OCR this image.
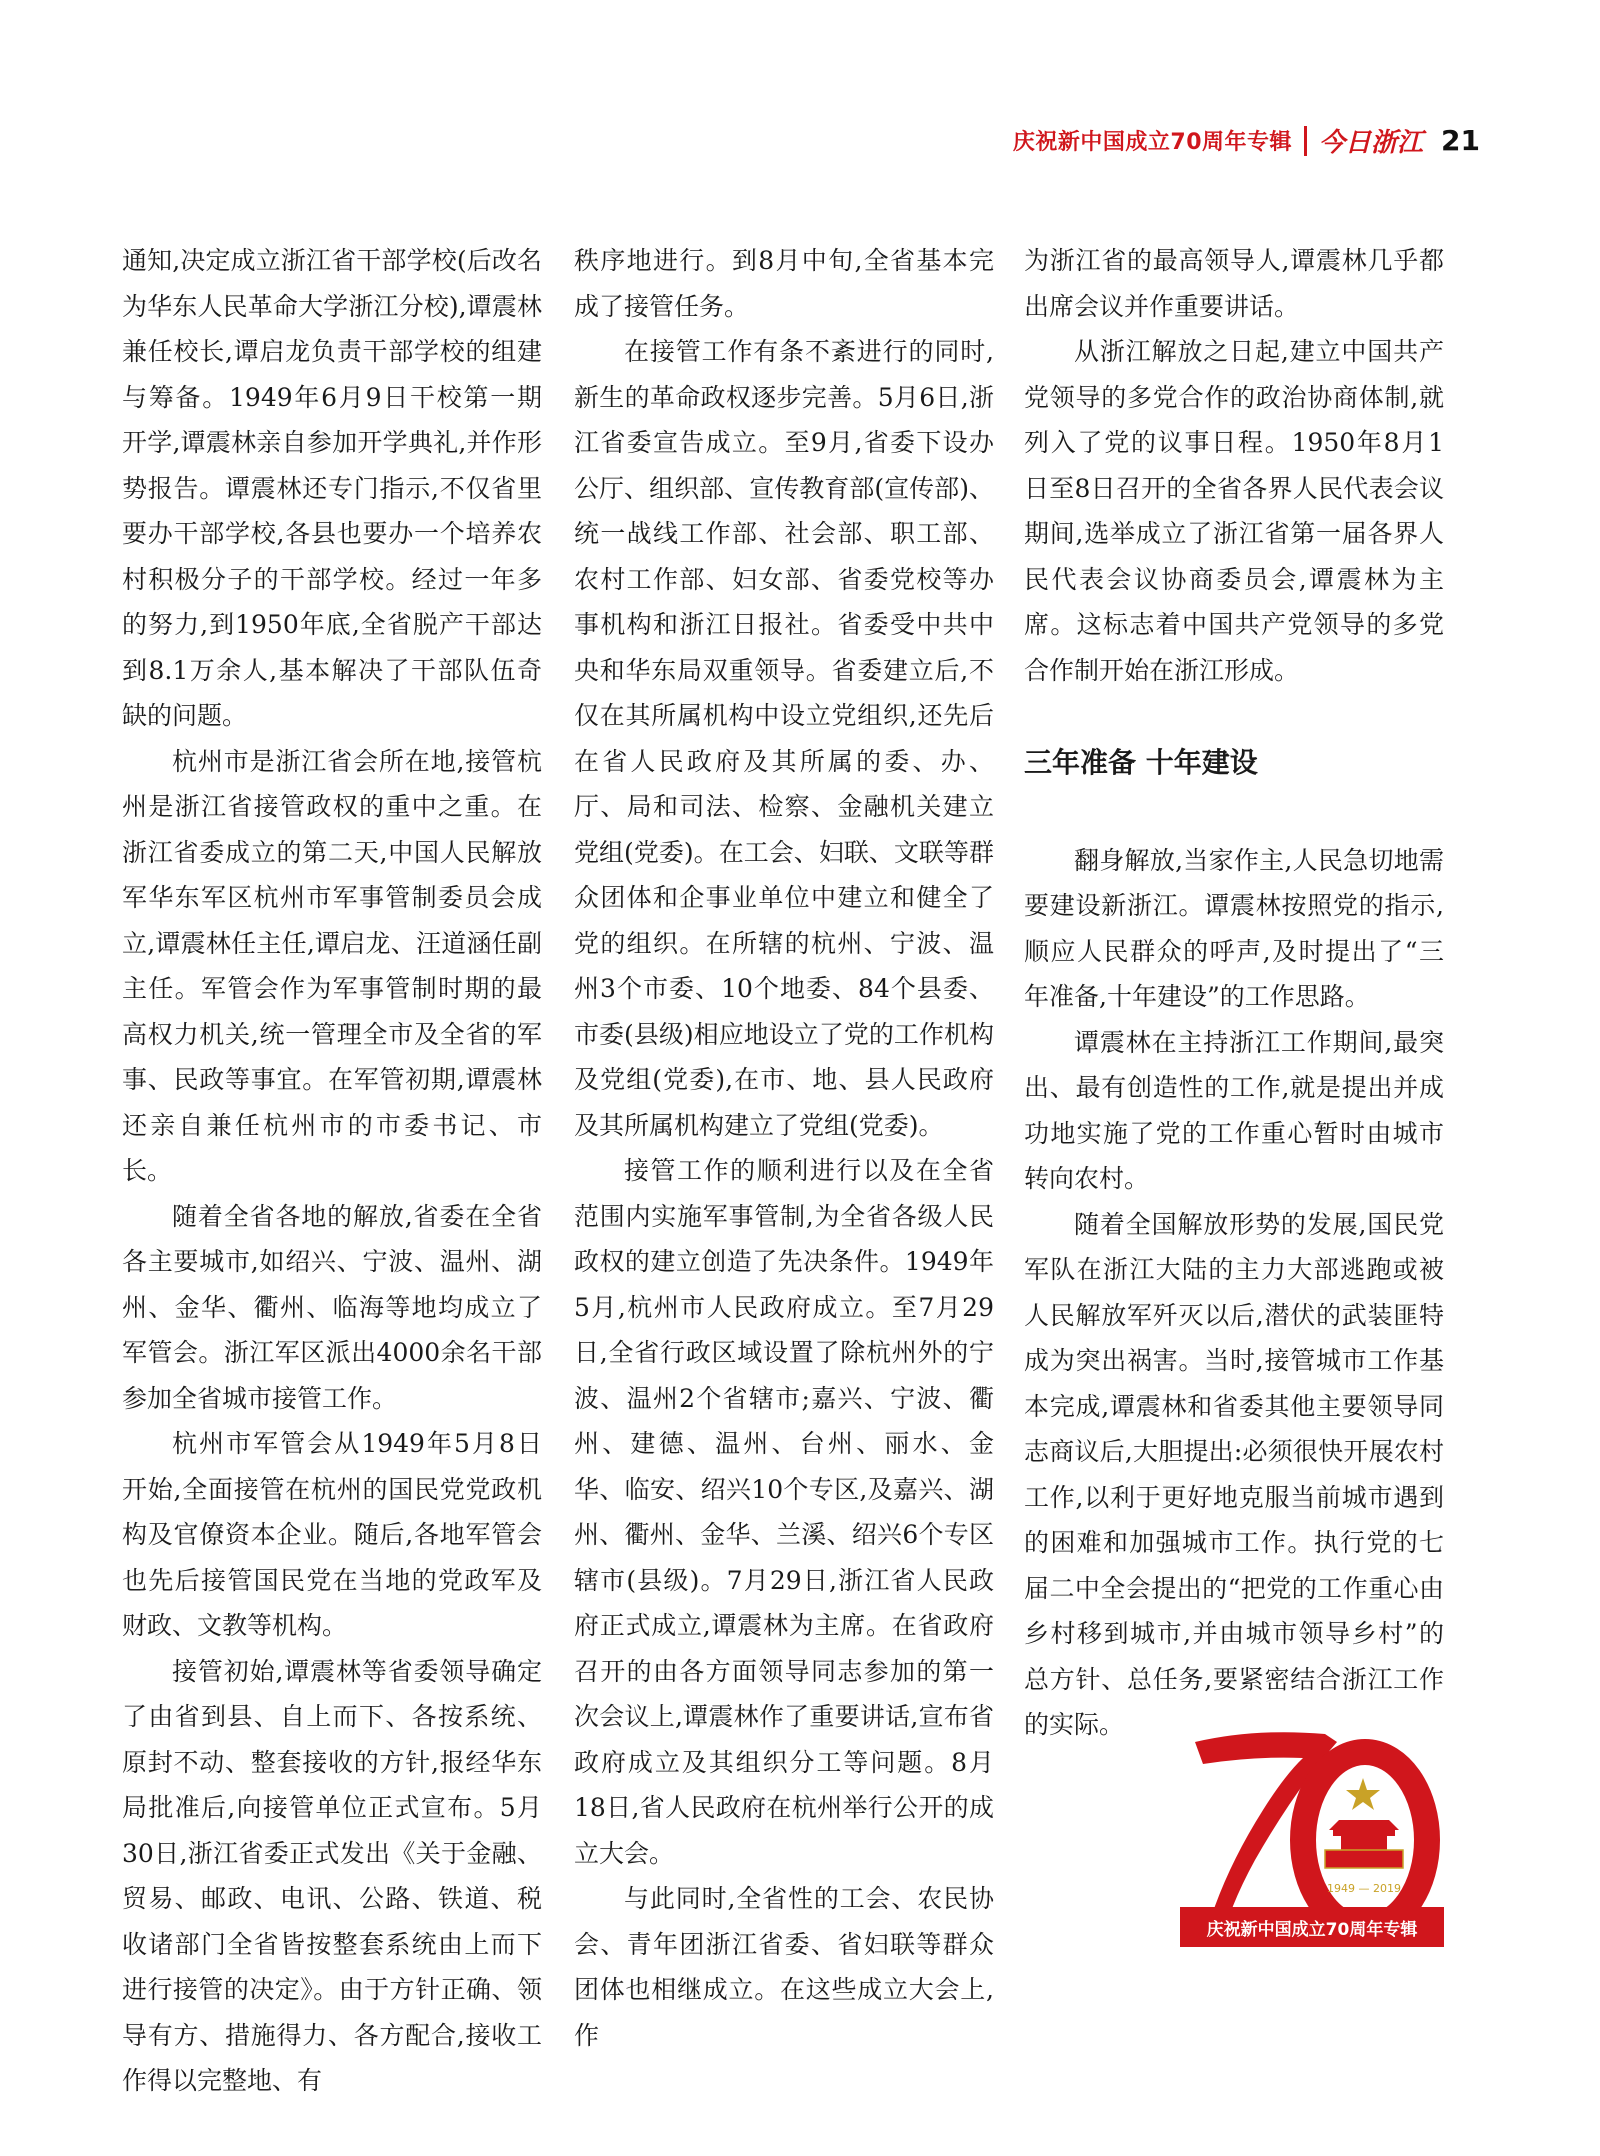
庆祝新中国成立70周年专辑 今日浙江 21

通知,决定成立浙江省干部学校(后改名为华东人民革命大学浙江分校),谭震林兼任校长,谭启龙负责干部学校的组建与筹备。1949年6月9日干校第一期开学,谭震林亲自参加开学典礼,并作形势报告。谭震林还专门指示,不仅省里要办干部学校,各县也要办一个培养农村积极分子的干部学校。经过一年多的努力,到1950年底,全省脱产干部达到8.1万余人,基本解决了干部队伍奇缺的问题。

杭州市是浙江省会所在地,接管杭州是浙江省接管政权的重中之重。在浙江省委成立的第二天,中国人民解放军华东军区杭州市军事管制委员会成立,谭震林任主任,谭启龙、汪道涵任副主任。军管会作为军事管制时期的最高权力机关,统一管理全市及全省的军事、民政等事宜。在军管初期,谭震林还亲自兼任杭州市的市委书记、市长。

随着全省各地的解放,省委在全省各主要城市,如绍兴、宁波、温州、湖州、金华、衢州、临海等地均成立了军管会。浙江军区派出4000余名干部参加全省城市接管工作。

杭州市军管会从1949年5月8日开始,全面接管在杭州的国民党党政机构及官僚资本企业。随后,各地军管会也先后接管国民党在当地的党政军及财政、文教等机构。

接管初始,谭震林等省委领导确定了由省到县、自上而下、各按系统、原封不动、整套接收的方针,报经华东局批准后,向接管单位正式宣布。5月30日,浙江省委正式发出《关于金融、贸易、邮政、电讯、公路、铁道、税收诸部门全省皆按整套系统由上而下进行接管的决定》。由于方针正确、领导有方、措施得力、各方配合,接收工作得以完整地、有

秩序地进行。到8月中旬,全省基本完成了接管任务。

在接管工作有条不紊进行的同时,新生的革命政权逐步完善。5月6日,浙江省委宣告成立。至9月,省委下设办公厅、组织部、宣传教育部(宣传部)、统一战线工作部、社会部、职工部、农村工作部、妇女部、省委党校等办事机构和浙江日报社。省委受中共中央和华东局双重领导。省委建立后,不仅在其所属机构中设立党组织,还先后在省人民政府及其所属的委、办、厅、局和司法、检察、金融机关建立党组(党委)。在工会、妇联、文联等群众团体和企事业单位中建立和健全了党的组织。在所辖的杭州、宁波、温州3个市委、10个地委、84个县委、市委(县级)相应地设立了党的工作机构及党组(党委),在市、地、县人民政府及其所属机构建立了党组(党委)。

接管工作的顺利进行以及在全省范围内实施军事管制,为全省各级人民政权的建立创造了先决条件。1949年5月,杭州市人民政府成立。至7月29日,全省行政区域设置了除杭州外的宁波、温州2个省辖市;嘉兴、宁波、衢州、建德、温州、台州、丽水、金华、临安、绍兴10个专区,及嘉兴、湖州、衢州、金华、兰溪、绍兴6个专区辖市(县级)。7月29日,浙江省人民政府正式成立,谭震林为主席。在省政府召开的由各方面领导同志参加的第一次会议上,谭震林作了重要讲话,宣布省政府成立及其组织分工等问题。8月18日,省人民政府在杭州举行公开的成立大会。

与此同时,全省性的工会、农民协会、青年团浙江省委、省妇联等群众团体也相继成立。在这些成立大会上,作

为浙江省的最高领导人,谭震林几乎都出席会议并作重要讲话。

从浙江解放之日起,建立中国共产党领导的多党合作的政治协商体制,就列入了党的议事日程。1950年8月1日至8日召开的全省各界人民代表会议期间,选举成立了浙江省第一届各界人民代表会议协商委员会,谭震林为主席。这标志着中国共产党领导的多党合作制开始在浙江形成。

三年准备 十年建设

翻身解放,当家作主,人民急切地需要建设新浙江。谭震林按照党的指示,顺应人民群众的呼声,及时提出了“三年准备,十年建设”的工作思路。

谭震林在主持浙江工作期间,最突出、最有创造性的工作,就是提出并成功地实施了党的工作重心暂时由城市转向农村。

随着全国解放形势的发展,国民党军队在浙江大陆的主力大部逃跑或被人民解放军歼灭以后,潜伏的武装匪特成为突出祸害。当时,接管城市工作基本完成,谭震林和省委其他主要领导同志商议后,大胆提出:必须很快开展农村工作,以利于更好地克服当前城市遇到的困难和加强城市工作。执行党的七届二中全会提出的“把党的工作重心由乡村移到城市,并由城市领导乡村”的总方针、总任务,要紧密结合浙江工作的实际。

1949 — 2019
庆祝新中国成立70周年专辑
